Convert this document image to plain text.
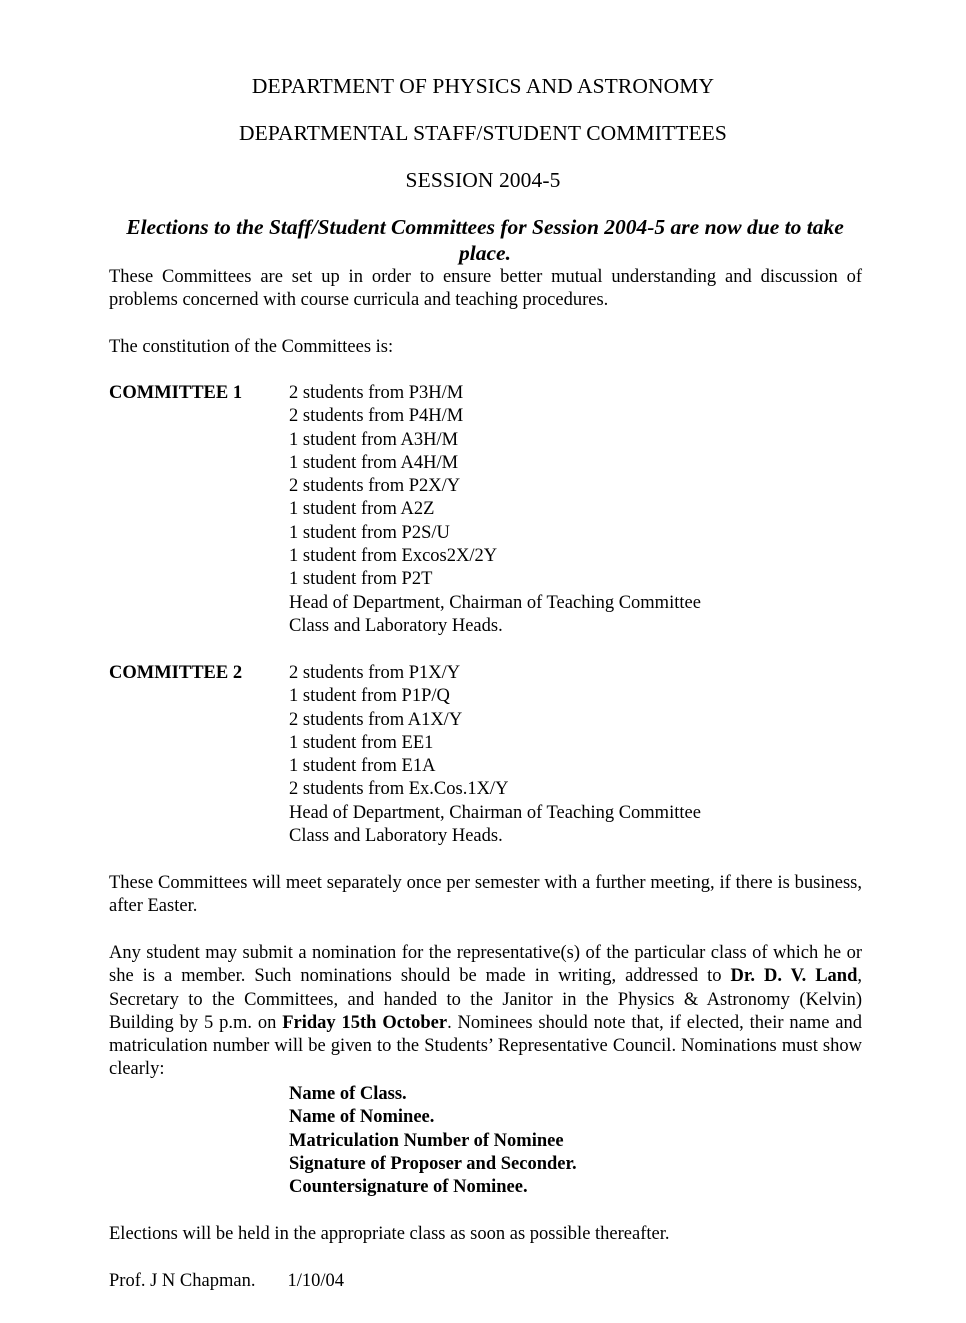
DEPARTMENT OF PHYSICS AND ASTRONOMY
DEPARTMENTAL STAFF/STUDENT COMMITTEES
SESSION 2004-5
Elections to the Staff/Student Committees for Session 2004-5 are now due to take place.

These Committees are set up in order to ensure better mutual understanding and discussion of problems concerned with course curricula and teaching procedures.

The constitution of the Committees is:

COMMITTEE 1	2 students from P3H/M
2 students from P4H/M
1 student from A3H/M
1 student from A4H/M
2 students from P2X/Y
1 student from A2Z
1 student from P2S/U
1 student from Excos2X/2Y
1 student from P2T
Head of Department, Chairman of Teaching Committee
Class and Laboratory Heads.
COMMITTEE 2	2 students from P1X/Y
1 student from P1P/Q
2 students from A1X/Y
1 student from EE1
1 student from E1A
2 students from Ex.Cos.1X/Y
Head of Department, Chairman of Teaching Committee
Class and Laboratory Heads.

These Committees will meet separately once per semester with a further meeting, if there is business, after Easter.

Any student may submit a nomination for the representative(s) of the particular class of which he or she is a member. Such nominations should be made in writing, addressed to Dr. D. V. Land, Secretary to the Committees, and handed to the Janitor in the Physics & Astronomy (Kelvin) Building by 5 p.m. on Friday 15th October. Nominees should note that, if elected, their name and matriculation number will be given to the Students’ Representative Council. Nominations must show clearly:

Name of Class.
Name of Nominee.
Matriculation Number of Nominee
Signature of Proposer and Seconder.
Countersignature of Nominee.

Elections will be held in the appropriate class as soon as possible thereafter.

Prof. J N Chapman. 1/10/04
